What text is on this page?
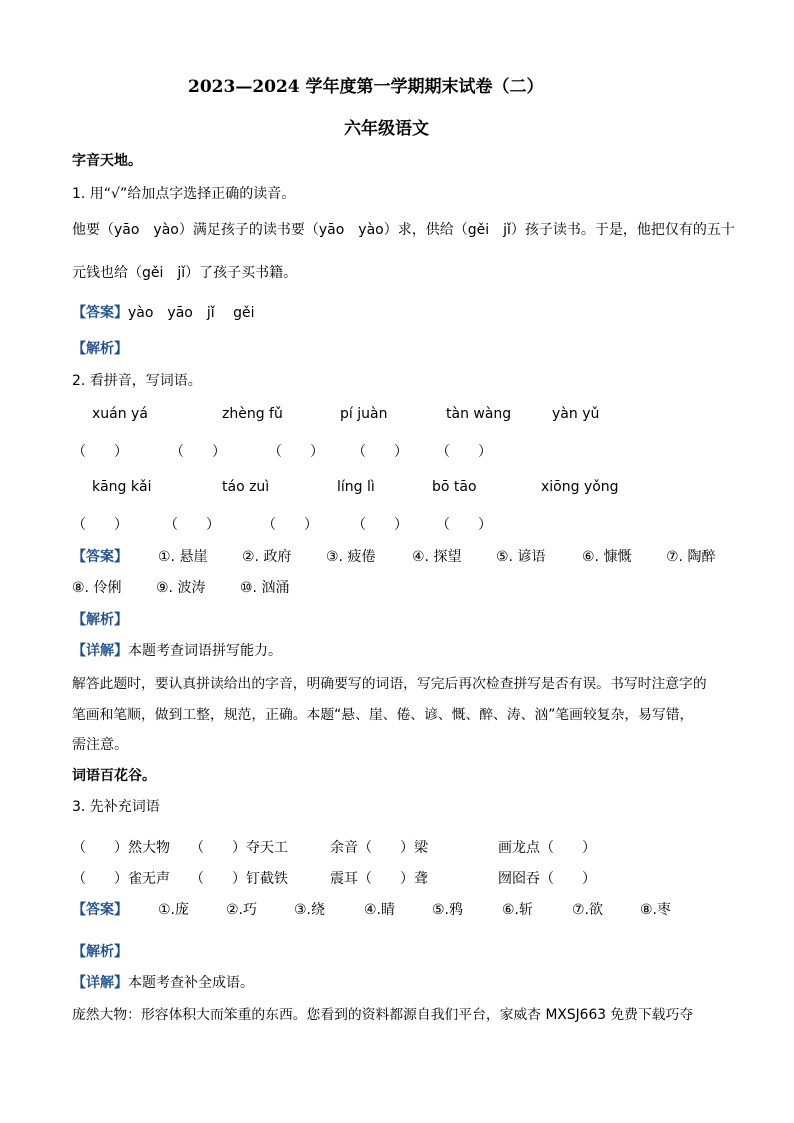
2023—2024 学年度第一学期期末试卷（二）
六年级语文
字音天地。
1. 用“√”给加点字选择正确的读音。
他要（yāo　yào）满足孩子的读书要（yāo　yào）求，供给（gěi　jǐ）孩子读书。于是，他把仅有的五十
元钱也给（gěi　jǐ）了孩子买书籍。
【答案】yào　yāo　jǐ　 gěi
【解析】
2. 看拼音，写词语。
xuán yá	zhèng fǔ	pí juàn	tàn wàng	yàn yǔ
（　　）	（　　）	（　　） （　　） （　　）
kāng kǎi	táo zuì	líng lì	bō tāo	xiōng yǒng
（　　）	（　　）	（　　） （　　） （　　）
【答案】 ①. 悬崖 ②. 政府 ③. 疲倦	④. 探望 ⑤. 谚语	⑥. 慷慨 ⑦. 陶醉
⑧. 伶俐 ⑨. 波涛 ⑩. 汹涌
【解析】
【详解】本题考查词语拼写能力。
解答此题时，要认真拼读给出的字音，明确要写的词语，写完后再次检查拼写是否有误。书写时注意字的
笔画和笔顺，做到工整，规范，正确。本题“悬、崖、倦、谚、慨、醉、涛、汹”笔画较复杂，易写错，
需注意。
词语百花谷。
3. 先补充词语
（　　）然大物 （　　）夺天工	余音（　　）梁	画龙点（　　）
（　　）雀无声 （　　）钉截铁	震耳（　　）聋	囫囵吞（　　）
【答案】 ①.庞	②.巧	③.绕	④.睛	⑤.鸦	⑥.斩	⑦.欲	⑧.枣
【解析】
【详解】本题考查补全成语。
庞然大物：形容体积大而笨重的东西。您看到的资料都源自我们平台，家威杏 MXSJ663 免费下载巧夺
